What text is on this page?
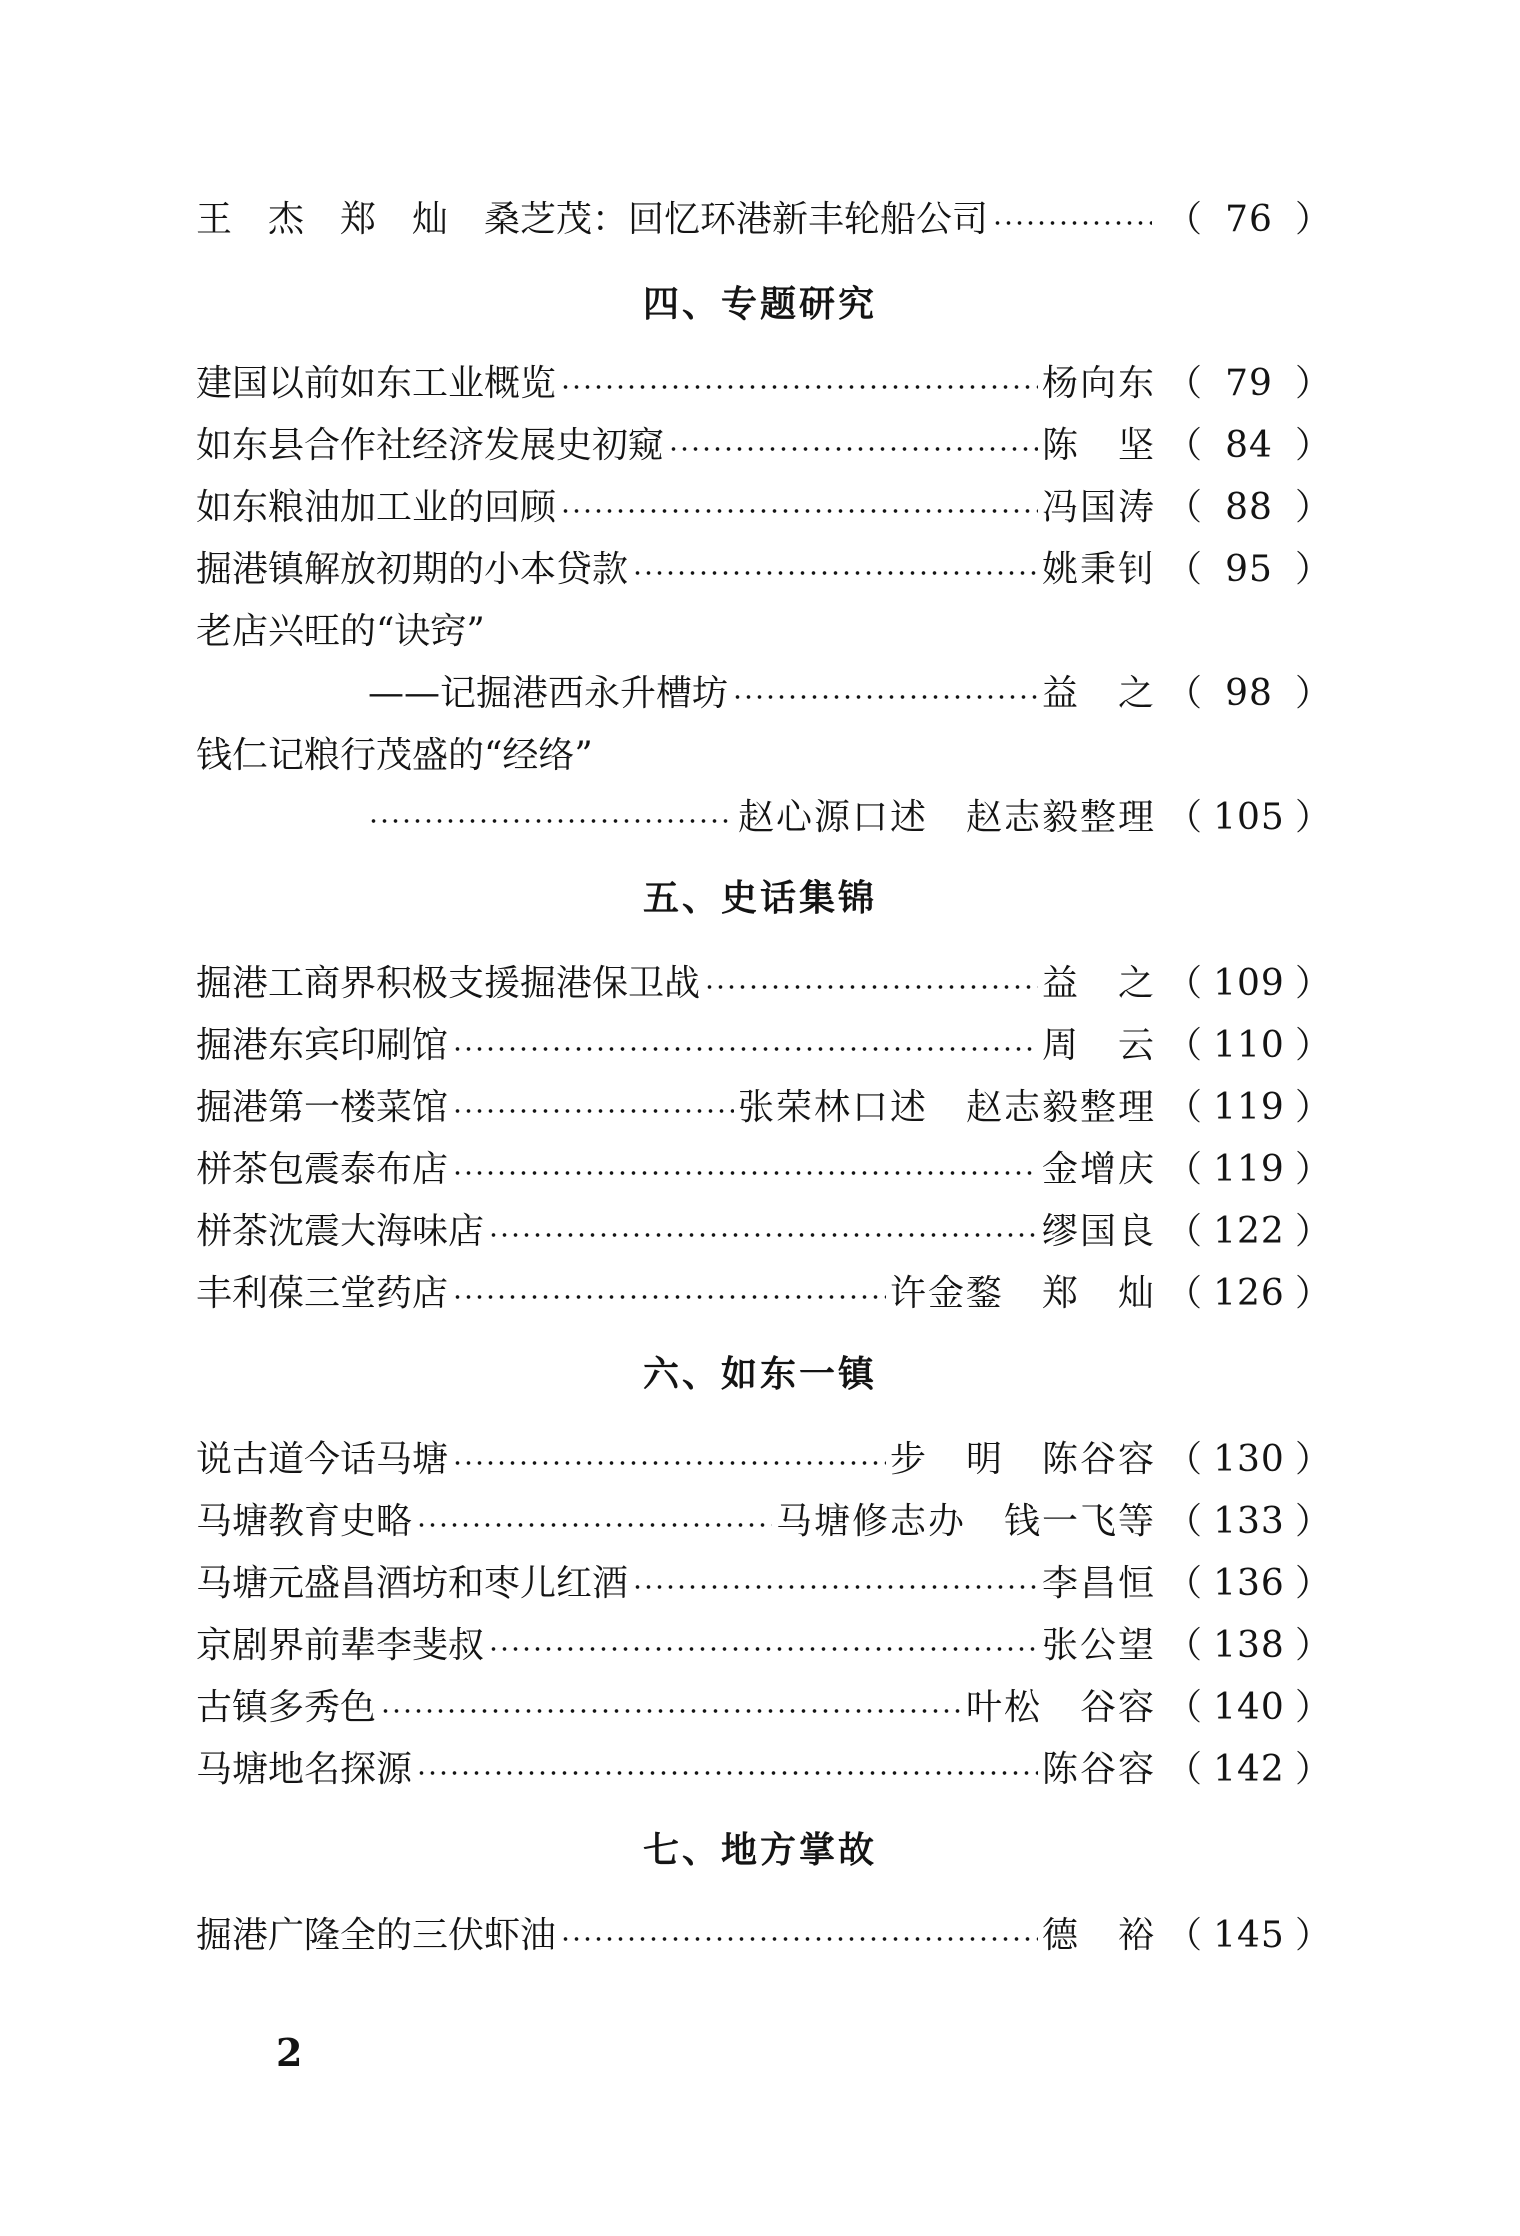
王　杰　郑　灿　桑芝茂：回忆环港新丰轮船公司	（ 76 ）
四、专题研究
建国以前如东工业概览	杨向东 （ 79 ）
如东县合作社经济发展史初窥	陈　坚 （ 84 ）
如东粮油加工业的回顾	冯国涛 （ 88 ）
掘港镇解放初期的小本贷款	姚秉钊 （ 95 ）
老店兴旺的“诀窍”
——记掘港西永升槽坊	益　之 （ 98 ）
钱仁记粮行茂盛的“经络”
赵心源口述　赵志毅整理 （ 105 ）
五、史话集锦
掘港工商界积极支援掘港保卫战	益　之 （ 109 ）
掘港东宾印刷馆	周　云 （ 110 ）
掘港第一楼菜馆	张荣林口述　赵志毅整理 （ 119 ）
栟茶包震泰布店	金增庆 （ 119 ）
栟茶沈震大海味店	缪国良 （ 122 ）
丰利葆三堂药店	许金鍪　郑　灿 （ 126 ）
六、如东一镇
说古道今话马塘	步　明　陈谷容 （ 130 ）
马塘教育史略	马塘修志办　钱一飞等 （ 133 ）
马塘元盛昌酒坊和枣儿红酒	李昌恒 （ 136 ）
京剧界前辈李斐叔	张公望 （ 138 ）
古镇多秀色	叶松　谷容 （ 140 ）
马塘地名探源	陈谷容 （ 142 ）
七、地方掌故
掘港广隆全的三伏虾油	德　裕 （ 145 ）
2
